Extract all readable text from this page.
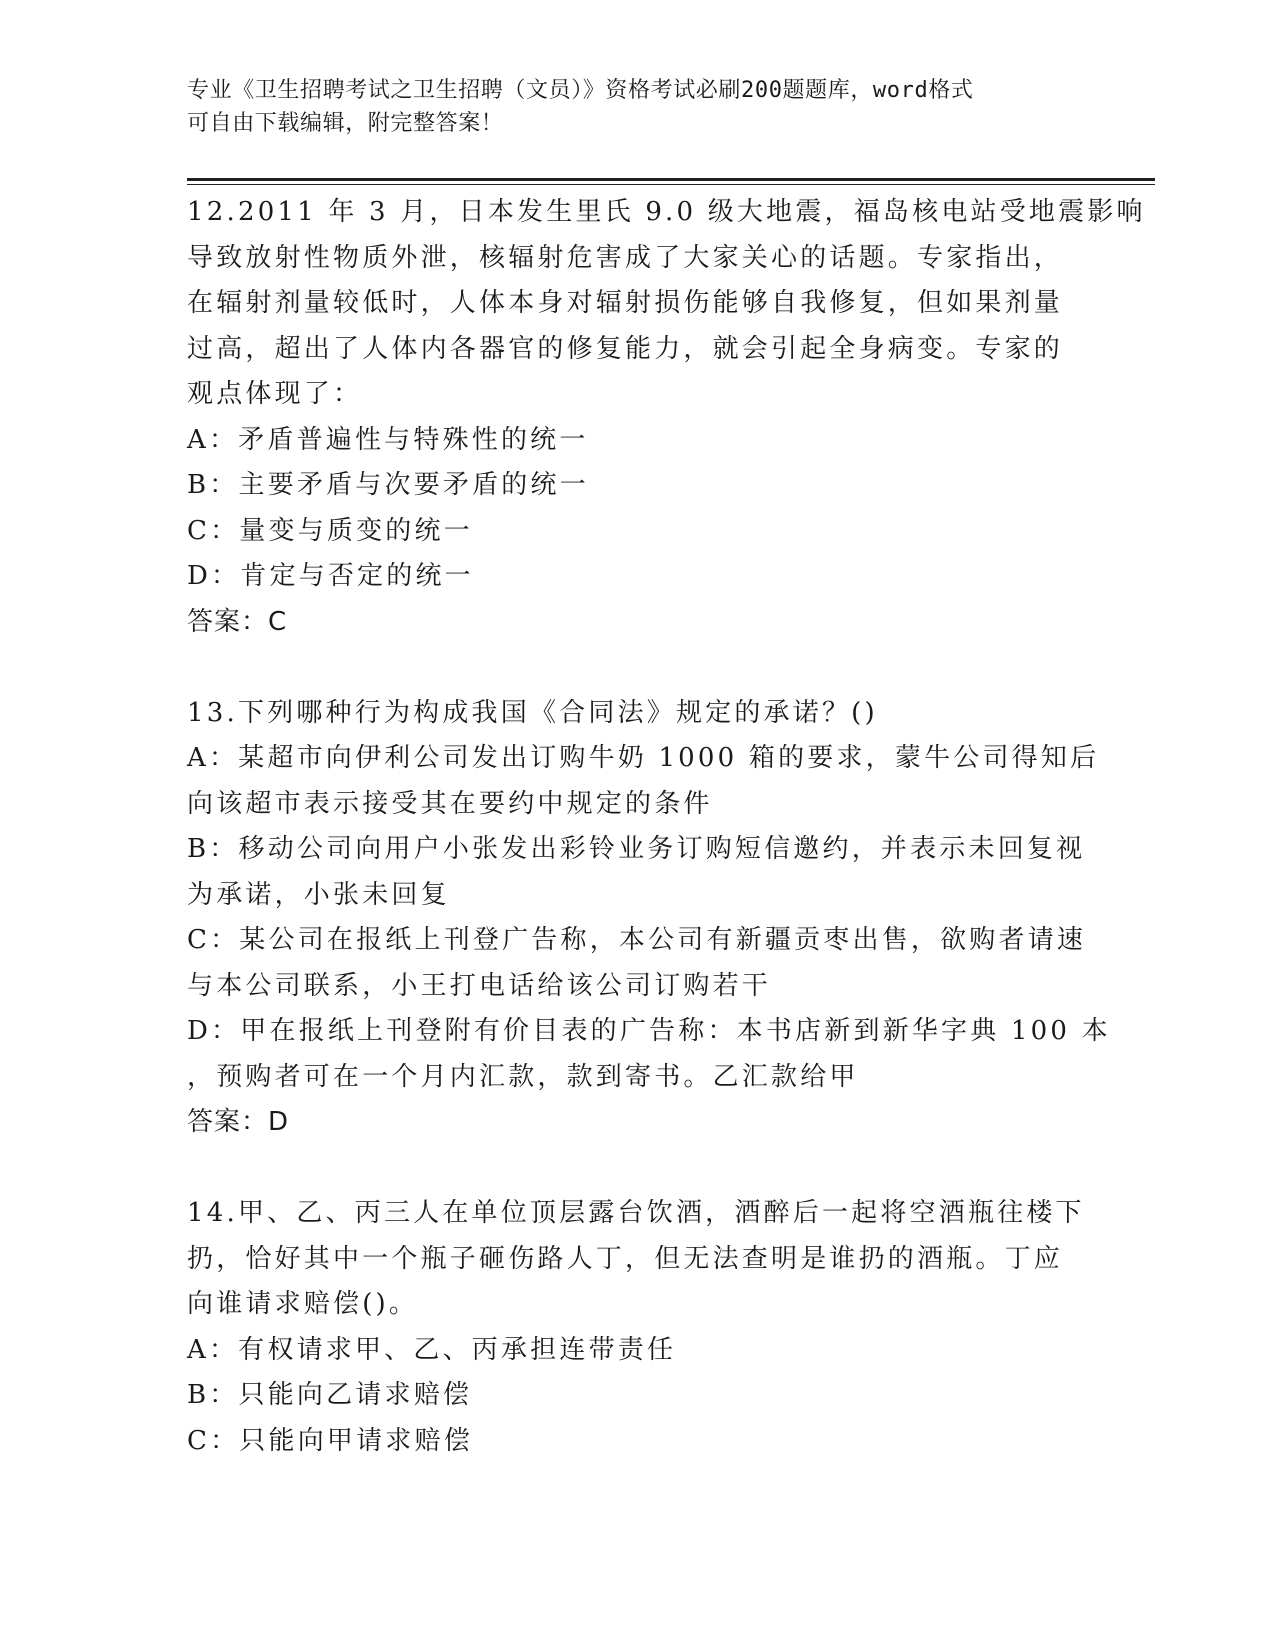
专业《卫生招聘考试之卫生招聘（文员）》资格考试必刷200题题库，word格式
可自由下载编辑，附完整答案！
12.2011 年 3 月，日本发生里氏 9.0 级大地震，福岛核电站受地震影响
导致放射性物质外泄，核辐射危害成了大家关心的话题。专家指出，
在辐射剂量较低时，人体本身对辐射损伤能够自我修复，但如果剂量
过高，超出了人体内各器官的修复能力，就会引起全身病变。专家的
观点体现了：
A：矛盾普遍性与特殊性的统一
B：主要矛盾与次要矛盾的统一
C：量变与质变的统一
D：肯定与否定的统一
答案：C
13.下列哪种行为构成我国《合同法》规定的承诺？()
A：某超市向伊利公司发出订购牛奶 1000 箱的要求，蒙牛公司得知后
向该超市表示接受其在要约中规定的条件
B：移动公司向用户小张发出彩铃业务订购短信邀约，并表示未回复视
为承诺，小张未回复
C：某公司在报纸上刊登广告称，本公司有新疆贡枣出售，欲购者请速
与本公司联系，小王打电话给该公司订购若干
D：甲在报纸上刊登附有价目表的广告称：本书店新到新华字典 100 本
，预购者可在一个月内汇款，款到寄书。乙汇款给甲
答案：D
14.甲、乙、丙三人在单位顶层露台饮酒，酒醉后一起将空酒瓶往楼下
扔，恰好其中一个瓶子砸伤路人丁，但无法查明是谁扔的酒瓶。丁应
向谁请求赔偿()。
A：有权请求甲、乙、丙承担连带责任
B：只能向乙请求赔偿
C：只能向甲请求赔偿
